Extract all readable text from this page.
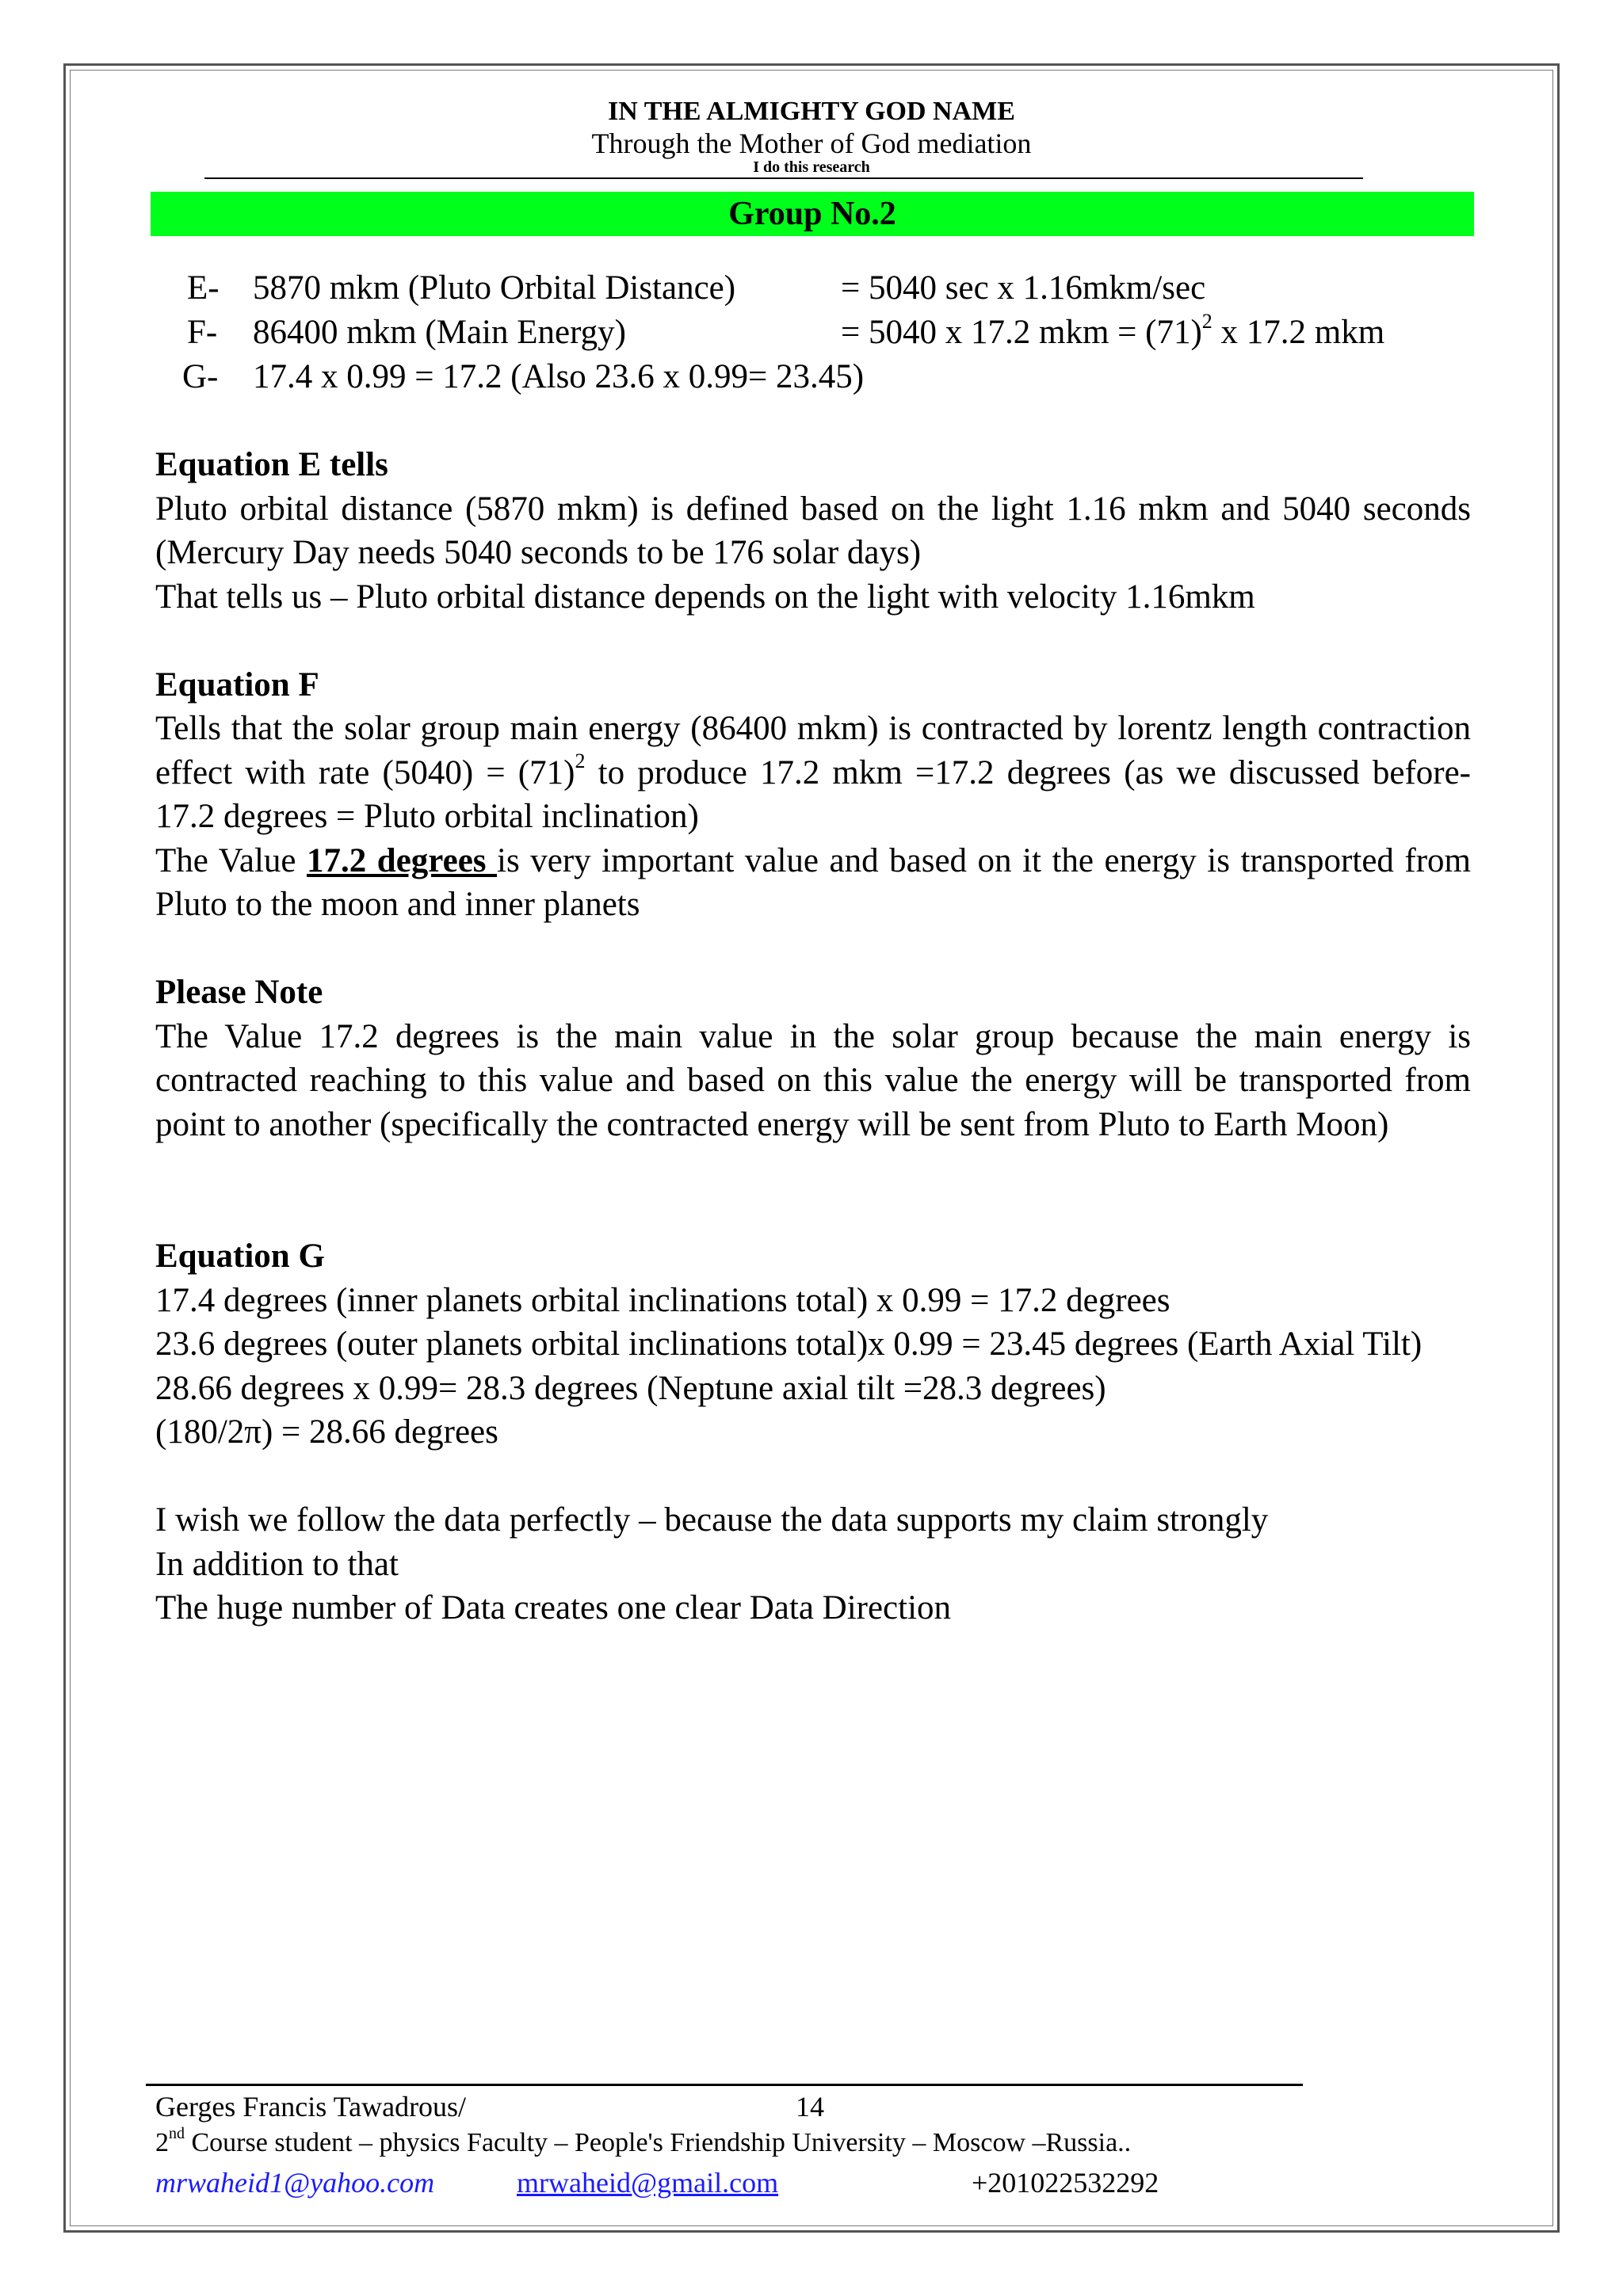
IN THE ALMIGHTY GOD NAME
Through the Mother of God mediation
I do this research
Group No.2
E- 5870 mkm (Pluto Orbital Distance)	= 5040 sec x 1.16mkm/sec
F- 86400 mkm (Main Energy)	= 5040 x 17.2 mkm = $(71)^2$ x 17.2 mkm
G- 17.4 x 0.99 = 17.2 (Also 23.6 x 0.99= 23.45)

Equation E tells

Pluto orbital distance (5870 mkm) is defined based on the light 1.16 mkm and 5040 seconds (Mercury Day needs 5040 seconds to be 176 solar days)

That tells us – Pluto orbital distance depends on the light with velocity 1.16mkm

Equation F

Tells that the solar group main energy (86400 mkm) is contracted by lorentz length contraction effect with rate $(5040) = (71)^2$ to produce 17.2 mkm =17.2 degrees (as we discussed before- 17.2 degrees = Pluto orbital inclination)

The Value 17.2 degrees is very important value and based on it the energy is transported from Pluto to the moon and inner planets

Please Note

The Value 17.2 degrees is the main value in the solar group because the main energy is contracted reaching to this value and based on this value the energy will be transported from point to another (specifically the contracted energy will be sent from Pluto to Earth Moon)

Equation G

17.4 degrees (inner planets orbital inclinations total) x 0.99 = 17.2 degrees

23.6 degrees (outer planets orbital inclinations total)x 0.99 = 23.45 degrees (Earth Axial Tilt)

28.66 degrees x 0.99= 28.3 degrees (Neptune axial tilt =28.3 degrees)

(180/2π) = 28.66 degrees

I wish we follow the data perfectly – because the data supports my claim strongly

In addition to that

The huge number of Data creates one clear Data Direction

Gerges Francis Tawadrous/	14
2nd Course student – physics Faculty – People's Friendship University – Moscow –Russia..
mrwaheid1@yahoo.com	mrwaheid@gmail.com	+201022532292
